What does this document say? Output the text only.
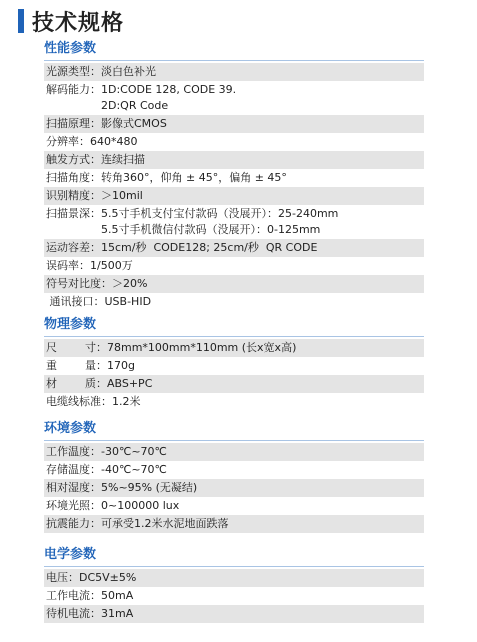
技术规格
性能参数
光源类型：淡白色补光
解码能力：1D:CODE 128, CODE 39.
2D:QR Code
扫描原理：影像式CMOS
分辨率：640*480
触发方式：连续扫描
扫描角度：转角360°，仰角 ± 45°，偏角 ± 45°
识别精度：＞10mil
扫描景深：5.5寸手机支付宝付款码（没展开）：25-240mm
5.5寸手机微信付款码（没展开）：0-125mm
运动容差：15cm/秒  CODE128; 25cm/秒  QR CODE
误码率：1/500万
符号对比度：＞20%
通讯接口：USB-HID
物理参数
尺        寸：78mm*100mm*110mm (长x宽x高)
重        量：170g
材        质：ABS+PC
电缆线标准：1.2米
环境参数
工作温度：-30℃~70℃
存储温度：-40℃~70℃
相对湿度：5%~95% (无凝结)
环境光照：0~100000 lux
抗震能力：可承受1.2米水泥地面跌落
电学参数
电压：DC5V±5%
工作电流：50mA
待机电流：31mA
